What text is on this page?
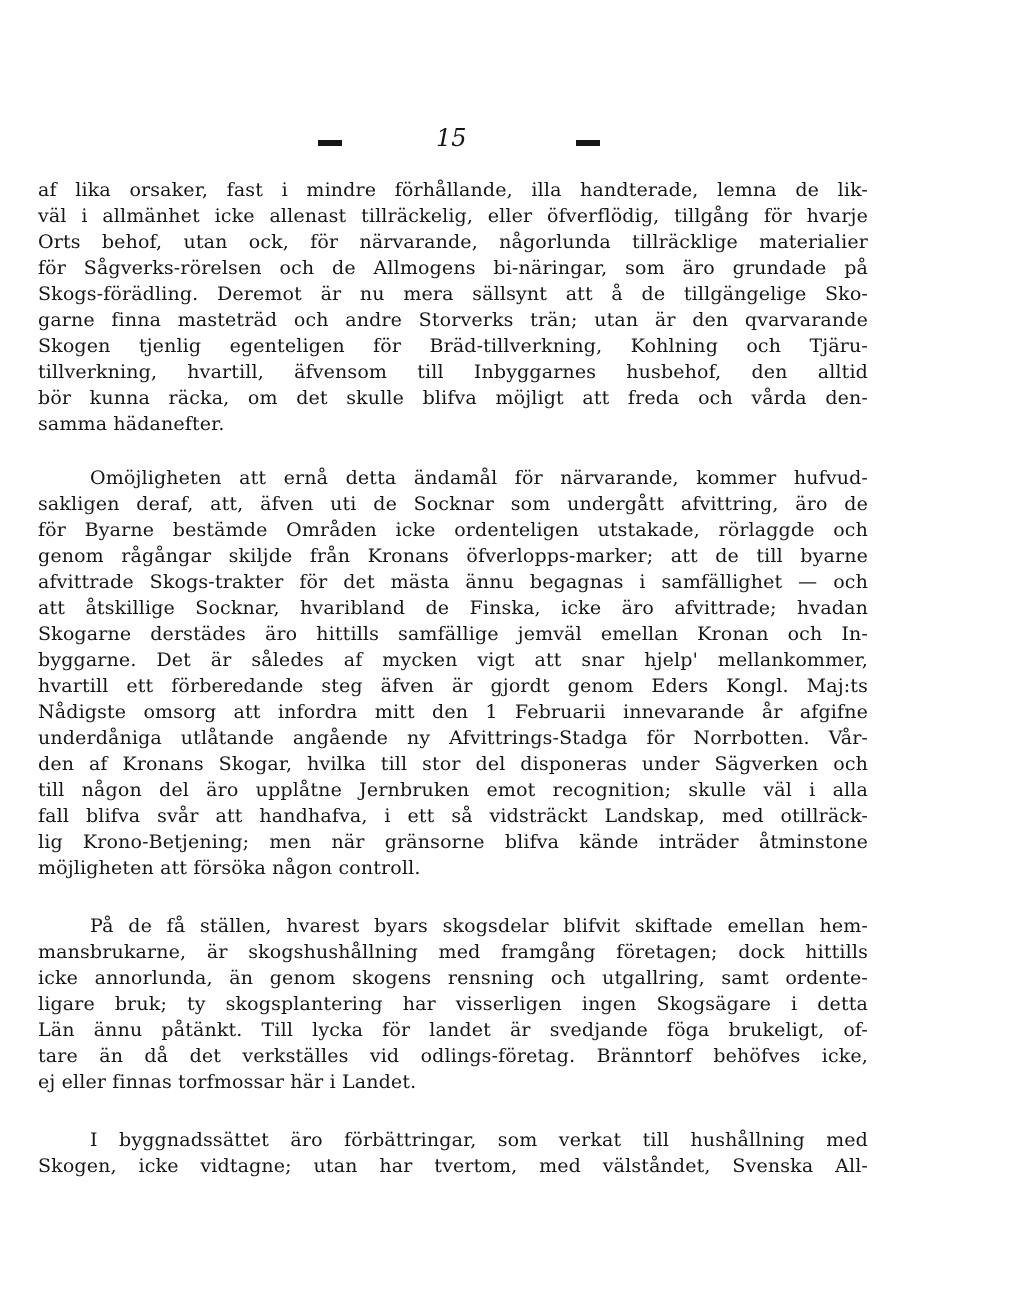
15
af lika orsaker, fast i mindre förhållande, illa handterade, lemna de lik-
väl i allmänhet icke allenast tillräckelig, eller öfverflödig, tillgång för hvarje
Orts behof, utan ock, för närvarande, någorlunda tillräcklige materialier
för Sågverks-rörelsen och de Allmogens bi-näringar, som äro grundade på
Skogs-förädling. Deremot är nu mera sällsynt att å de tillgängelige Sko-
garne finna masteträd och andre Storverks trän; utan är den qvarvarande
Skogen tjenlig egenteligen för Bräd-tillverkning, Kohlning och Tjäru-
tillverkning, hvartill, äfvensom till Inbyggarnes husbehof, den alltid
bör kunna räcka, om det skulle blifva möjligt att freda och vårda den-
samma hädanefter.
Omöjligheten att ernå detta ändamål för närvarande, kommer hufvud-
sakligen deraf, att, äfven uti de Socknar som undergått afvittring, äro de
för Byarne bestämde Områden icke ordenteligen utstakade, rörlaggde och
genom rågångar skiljde från Kronans öfverlopps-marker; att de till byarne
afvittrade Skogs-trakter för det mästa ännu begagnas i samfällighet — och
att åtskillige Socknar, hvaribland de Finska, icke äro afvittrade; hvadan
Skogarne derstädes äro hittills samfällige jemväl emellan Kronan och In-
byggarne. Det är således af mycken vigt att snar hjelp' mellankommer,
hvartill ett förberedande steg äfven är gjordt genom Eders Kongl. Maj:ts
Nådigste omsorg att infordra mitt den 1 Februarii innevarande år afgifne
underdåniga utlåtande angående ny Afvittrings-Stadga för Norrbotten. Vår-
den af Kronans Skogar, hvilka till stor del disponeras under Sägverken och
till någon del äro upplåtne Jernbruken emot recognition; skulle väl i alla
fall blifva svår att handhafva, i ett så vidsträckt Landskap, med otillräck-
lig Krono-Betjening; men när gränsorne blifva kände inträder åtminstone
möjligheten att försöka någon controll.
På de få ställen, hvarest byars skogsdelar blifvit skiftade emellan hem-
mansbrukarne, är skogshushållning med framgång företagen; dock hittills
icke annorlunda, än genom skogens rensning och utgallring, samt ordente-
ligare bruk; ty skogsplantering har visserligen ingen Skogsägare i detta
Län ännu påtänkt. Till lycka för landet är svedjande föga brukeligt, of-
tare än då det verkställes vid odlings-företag. Bränntorf behöfves icke,
ej eller finnas torfmossar här i Landet.
I byggnadssättet äro förbättringar, som verkat till hushållning med
Skogen, icke vidtagne; utan har tvertom, med välståndet, Svenska All-
